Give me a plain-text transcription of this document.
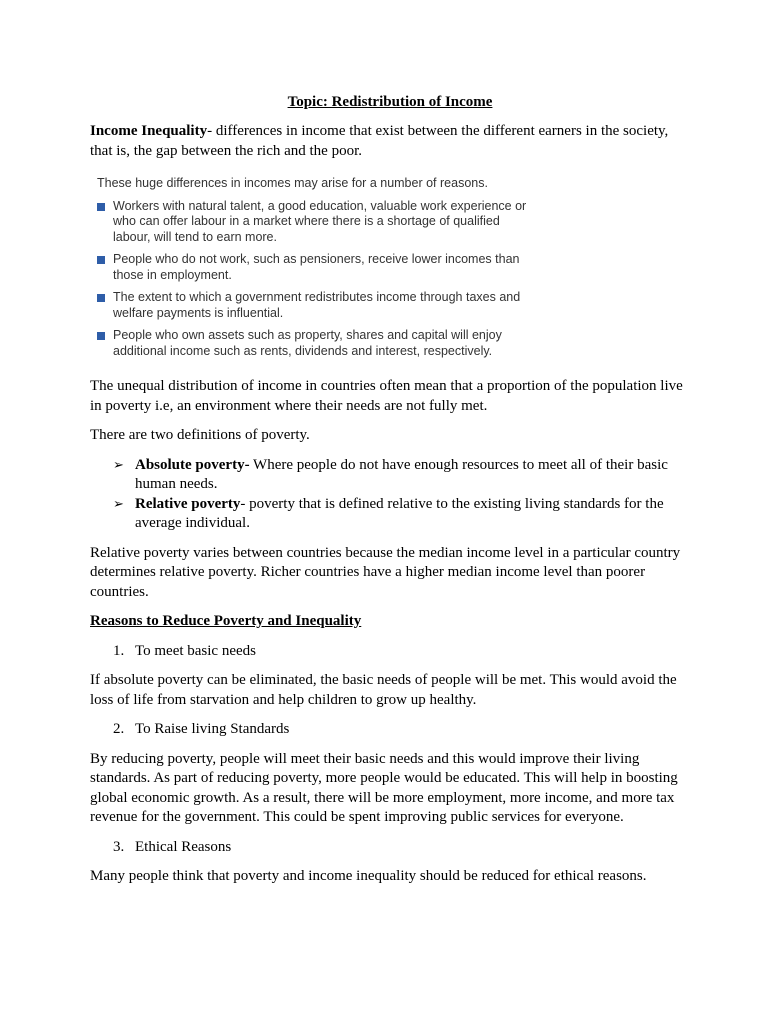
Topic: Redistribution of Income

Income Inequality- differences in income that exist between the different earners in the society, that is, the gap between the rich and the poor.

These huge differences in incomes may arise for a number of reasons.
Workers with natural talent, a good education, valuable work experience or who can offer labour in a market where there is a shortage of qualified labour, will tend to earn more.
People who do not work, such as pensioners, receive lower incomes than those in employment.
The extent to which a government redistributes income through taxes and welfare payments is influential.
People who own assets such as property, shares and capital will enjoy additional income such as rents, dividends and interest, respectively.

The unequal distribution of income in countries often mean that a proportion of the population live in poverty i.e, an environment where their needs are not fully met.

There are two definitions of poverty.

➢ Absolute poverty- Where people do not have enough resources to meet all of their basic human needs.
➢ Relative poverty- poverty that is defined relative to the existing living standards for the average individual.

Relative poverty varies between countries because the median income level in a particular country determines relative poverty. Richer countries have a higher median income level than poorer countries.

Reasons to Reduce Poverty and Inequality
1. To meet basic needs

If absolute poverty can be eliminated, the basic needs of people will be met. This would avoid the loss of life from starvation and help children to grow up healthy.

2. To Raise living Standards

By reducing poverty, people will meet their basic needs and this would improve their living standards. As part of reducing poverty, more people would be educated. This will help in boosting global economic growth. As a result, there will be more employment, more income, and more tax revenue for the government. This could be spent improving public services for everyone.

3. Ethical Reasons

Many people think that poverty and income inequality should be reduced for ethical reasons.
